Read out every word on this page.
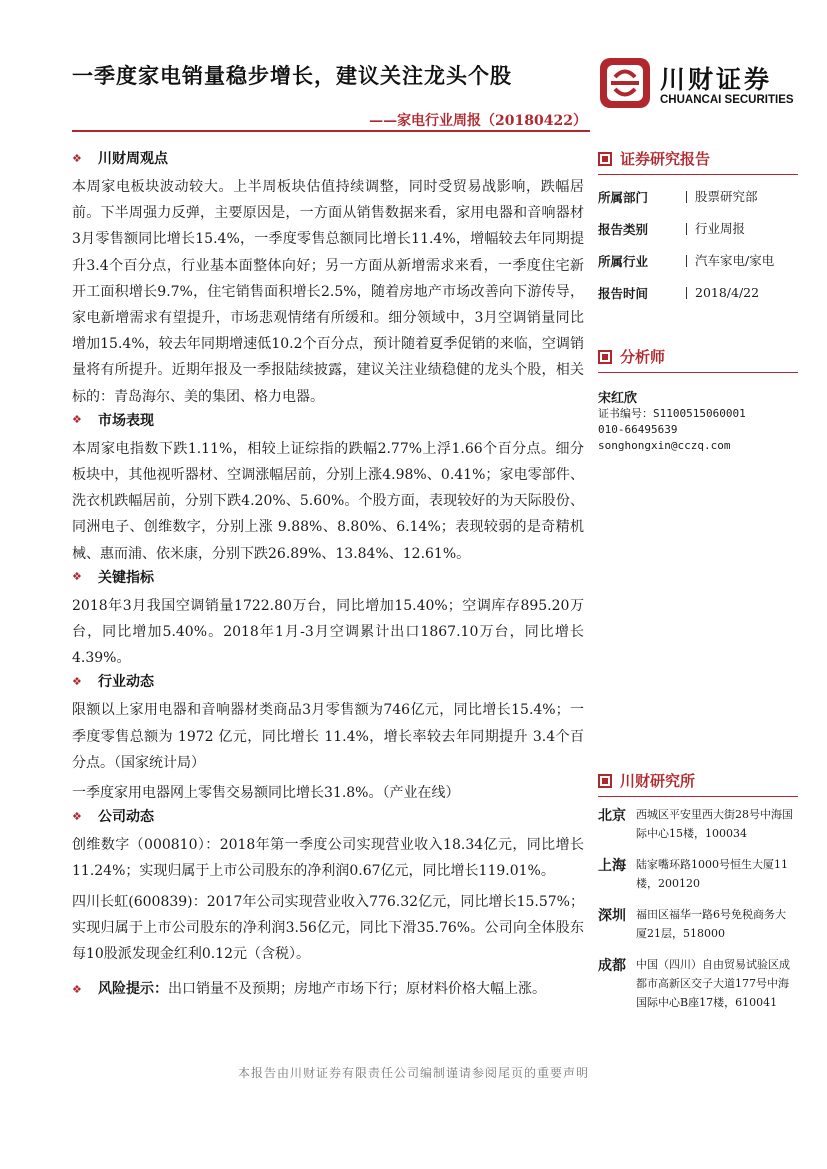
一季度家电销量稳步增长，建议关注龙头个股
——家电行业周报（20180422）
川财证券
CHUANCAI SECURITIES
❖ 川财周观点

本周家电板块波动较大。上半周板块估值持续调整，同时受贸易战影响，跌幅居前。下半周强力反弹，主要原因是，一方面从销售数据来看，家用电器和音响器材3月零售额同比增长15.4%，一季度零售总额同比增长11.4%，增幅较去年同期提升3.4个百分点，行业基本面整体向好；另一方面从新增需求来看，一季度住宅新开工面积增长9.7%，住宅销售面积增长2.5%，随着房地产市场改善向下游传导，家电新增需求有望提升，市场悲观情绪有所缓和。细分领域中，3月空调销量同比增加15.4%，较去年同期增速低10.2个百分点，预计随着夏季促销的来临，空调销量将有所提升。近期年报及一季报陆续披露，建议关注业绩稳健的龙头个股，相关标的：青岛海尔、美的集团、格力电器。

❖ 市场表现

本周家电指数下跌1.11%，相较上证综指的跌幅2.77%上浮1.66个百分点。细分板块中，其他视听器材、空调涨幅居前，分别上涨4.98%、0.41%；家电零部件、洗衣机跌幅居前，分别下跌4.20%、5.60%。个股方面，表现较好的为天际股份、同洲电子、创维数字，分别上涨 9.88%、8.80%、6.14%；表现较弱的是奇精机械、惠而浦、依米康，分别下跌26.89%、13.84%、12.61%。

❖ 关键指标

2018年3月我国空调销量1722.80万台，同比增加15.40%；空调库存895.20万台，同比增加5.40%。2018年1月-3月空调累计出口1867.10万台，同比增长4.39%。

❖ 行业动态

限额以上家用电器和音响器材类商品3月零售额为746亿元，同比增长15.4%；一季度零售总额为 1972 亿元，同比增长 11.4%，增长率较去年同期提升 3.4个百分点。（国家统计局）

一季度家用电器网上零售交易额同比增长31.8%。（产业在线）

❖ 公司动态

创维数字（000810）：2018年第一季度公司实现营业收入18.34亿元，同比增长11.24%；实现归属于上市公司股东的净利润0.67亿元，同比增长119.01%。

四川长虹(600839)：2017年公司实现营业收入776.32亿元，同比增长15.57%；实现归属于上市公司股东的净利润3.56亿元，同比下滑35.76%。公司向全体股东每10股派发现金红利0.12元（含税）。

❖ 风险提示：出口销量不及预期；房地产市场下行；原材料价格大幅上涨。
证券研究报告
所属部门	股票研究部
报告类别	行业周报
所属行业	汽车家电/家电
报告时间	2018/4/22
分析师
宋红欣
证书编号：S1100515060001
010-66495639
songhongxin@cczq.com
川财研究所
北京 西城区平安里西大街28号中海国际中心15楼，100034
上海 陆家嘴环路1000号恒生大厦11楼，200120
深圳 福田区福华一路6号免税商务大厦21层，518000
成都 中国（四川）自由贸易试验区成都市高新区交子大道177号中海国际中心B座17楼，610041
本报告由川财证券有限责任公司编制谨请参阅尾页的重要声明
